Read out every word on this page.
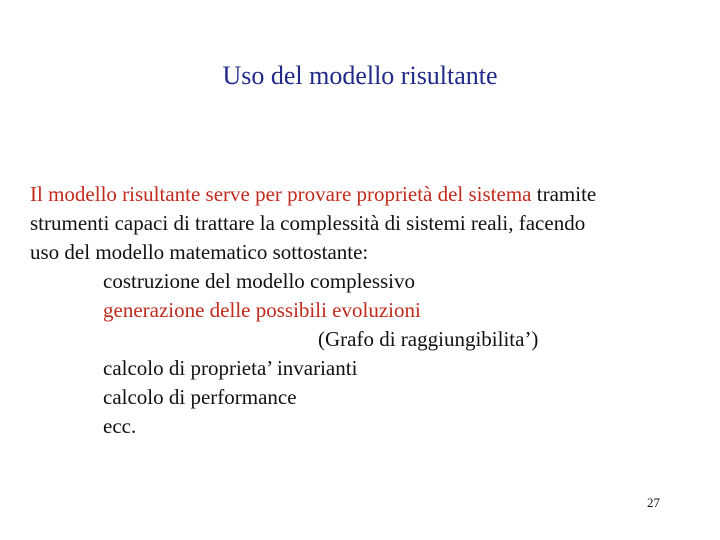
Uso del modello risultante
Il modello risultante serve per provare proprietà del sistema tramite
strumenti capaci di trattare la complessità di sistemi reali, facendo
uso del modello matematico sottostante:
costruzione del modello complessivo
generazione delle possibili evoluzioni
(Grafo di raggiungibilita’)
calcolo di proprieta’ invarianti
calcolo di performance
ecc.
27
